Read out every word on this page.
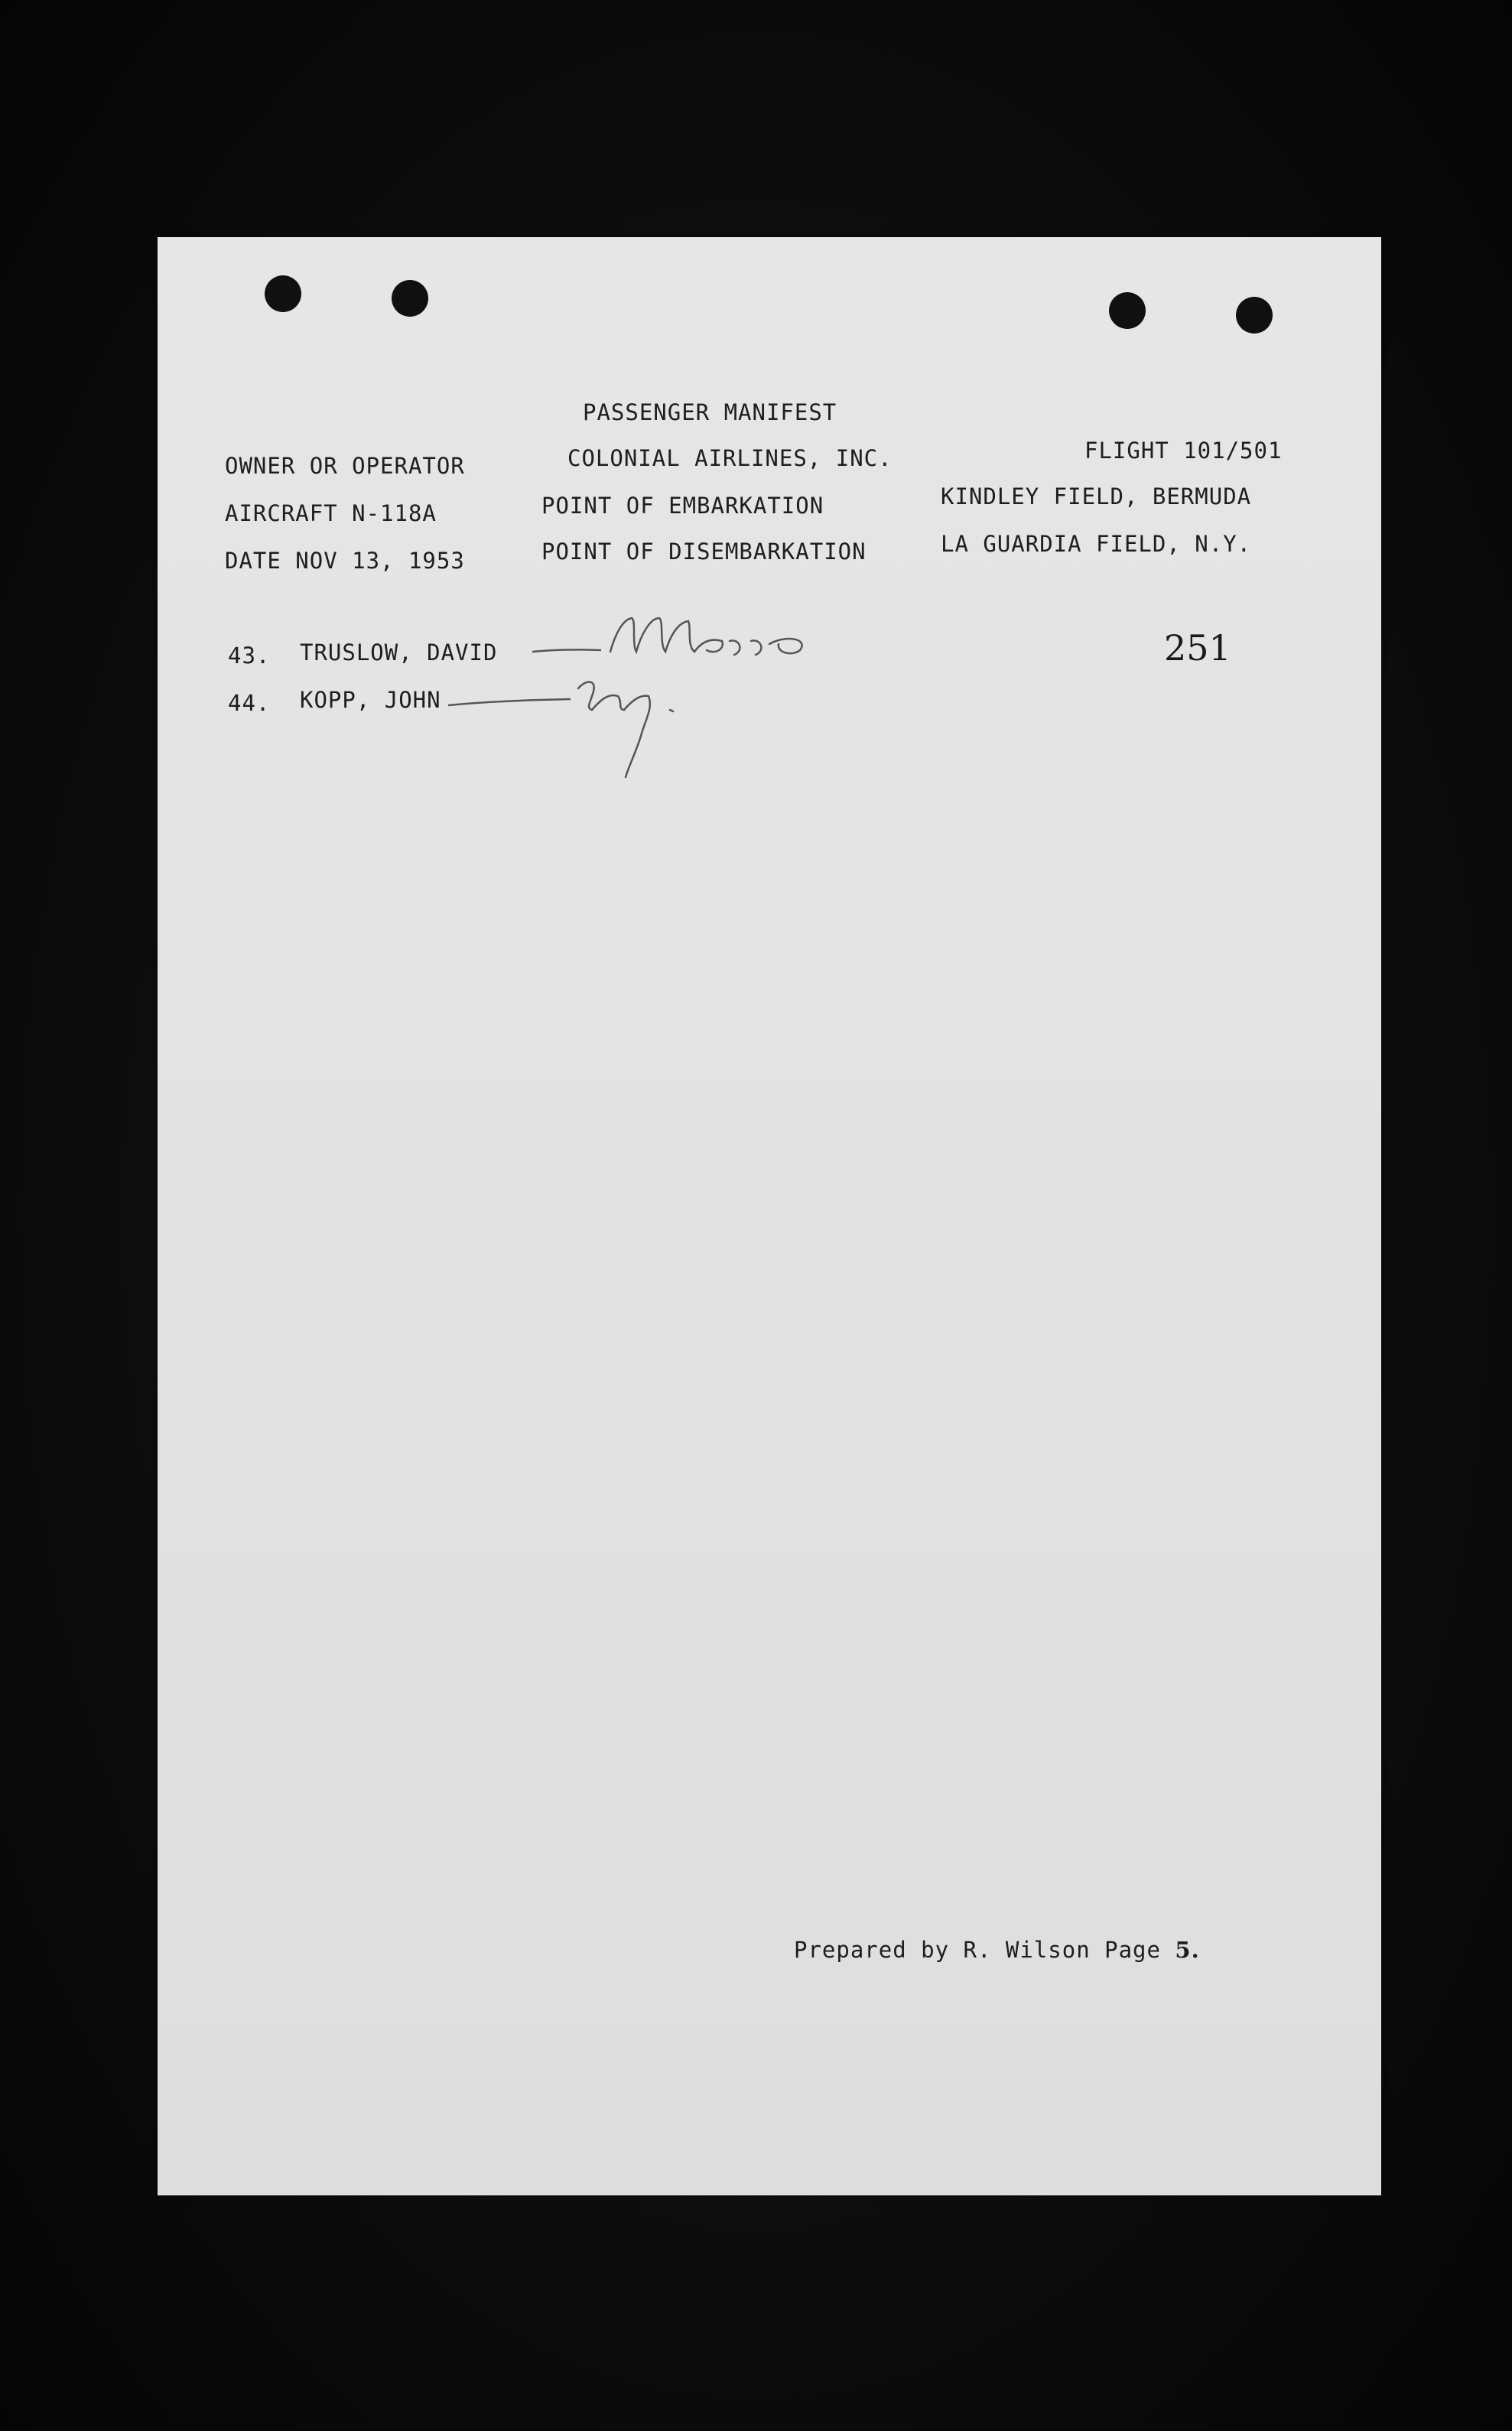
PASSENGER MANIFEST
OWNER OR OPERATOR	COLONIAL AIRLINES, INC.	FLIGHT 101/501
AIRCRAFT N-118A	POINT OF EMBARKATION	KINDLEY FIELD, BERMUDA
DATE NOV 13, 1953	POINT OF DISEMBARKATION	LA GUARDIA FIELD, N.Y.
43. TRUSLOW, DAVID
44. KOPP, JOHN
251
Prepared by R. Wilson Page 5.
